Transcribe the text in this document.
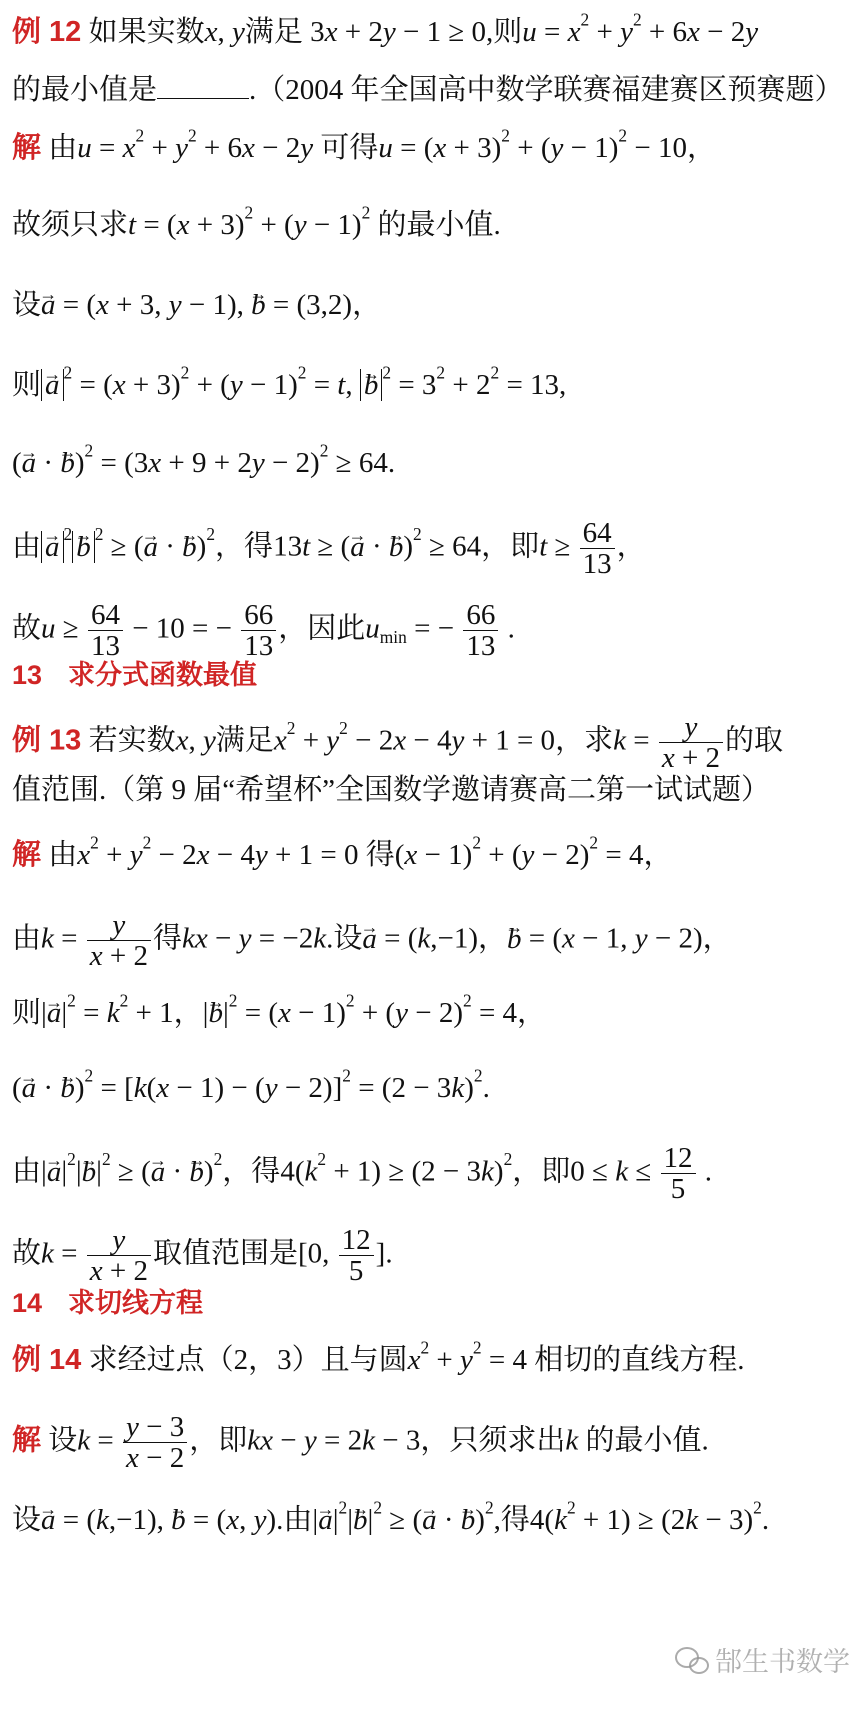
例 12 如果实数x, y满足 3x + 2y − 1 ≥ 0,则$u = x^2 + y^2 + 6x - 2y$
的最小值是	.（2004 年全国高中数学联赛福建赛区预赛题）
解 由$u = x^2 + y^2 + 6x - 2y$ 可得$u = (x + 3)^2 + (y - 1)^2 - 10$，
故须只求$t = (x + 3)^2 + (y - 1)^2$ 的最小值.
设→ a = (x + 3, y − 1), → b = (3,2)，
则 → a $^2 = (x + 3)^2 + (y - 1)^2 = t$, → b $^2 = 3^2 + 2^2 = 13$,
(→ a · → $b)^2 = (3x + 9 + 2y - 2)^2 \ge 64$.
由 → a $^2$ → b $^2$ ≥ (→ a · → b)$^2$，得13t ≥ (→ a · → b)$^2$ ≥ 64，即$t \ge \frac{64}{13}$ ，
故$u \ge \frac{64}{13} - 10$ = − $\frac{66}{13}$ ，因此$u_{min}$ = − $\frac{66}{13}$ .
13 求分式函数最值
例 13 若实数x, y满足$x^2 + y^2 - 2x - 4y + 1 = 0$，求$k = \frac{y}{x + 2}$ 的取
值范围.（第 9 届“希望杯”全国数学邀请赛高二第一试试题）
解 由$x^2 + y^2 - 2x - 4y + 1 = 0$ 得$(x - 1)^2 + (y - 2)^2 = 4$，
由$k = \frac{y}{x + 2}$ 得kx − y = −2k.设→ a = (k,−1)，→ b = (x − 1, y − 2)，
则|→ $a|^2 = k^2 + 1$，|→ $b|^2 = (x - 1)^2 + (y - 2)^2 = 4$，
(→ a · → $b)^2 = [k(x - 1) - (y - 2)]^2 = (2 - 3k)^2$.
由|→ $a|^2|\to b|^2$ ≥ (→ a · → b)$^2$，得$4(k^2 + 1) \ge (2 - 3k)^2$，即$0 \le k \le \frac{12}{5}$ .
故$k = \frac{y}{x + 2}$ 取值范围是[0, $\frac{12}{5}$ ].
14 求切线方程
例 14 求经过点（2，3）且与圆$x^2 + y^2 = 4$ 相切的直线方程.
解 设$k = \frac{y - 3}{x - 2}$ ，即kx − y = 2k − 3，只须求出k 的最小值.
设→ a = (k,−1), → b = (x, y).由|→ $a|^2|\to b|^2$ ≥ (→ a · → b)$^2$,得$4(k^2 + 1) \ge (2k - 3)^2$.
郜生书数学
